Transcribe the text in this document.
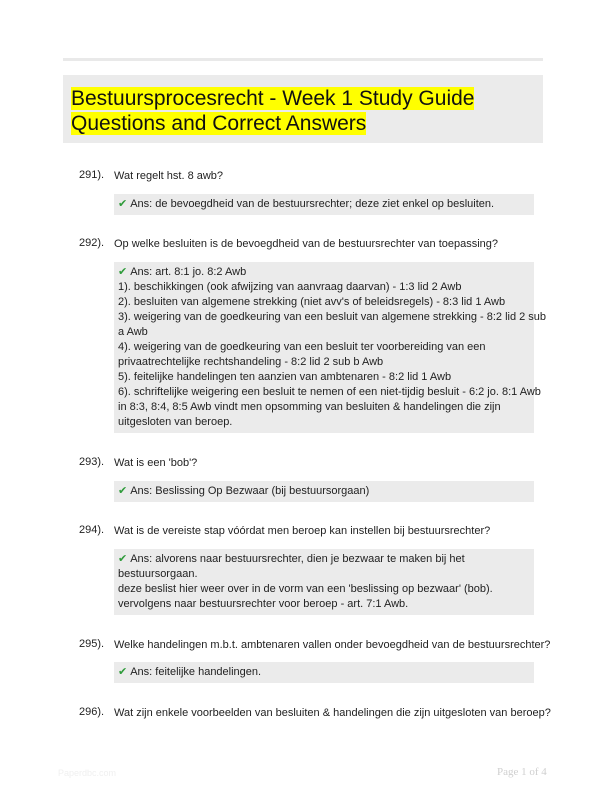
Bestuursprocesrecht - Week 1 Study Guide
Questions and Correct Answers
291). Wat regelt hst. 8 awb?
✔ Ans: de bevoegdheid van de bestuursrechter; deze ziet enkel op besluiten.
292). Op welke besluiten is de bevoegdheid van de bestuursrechter van toepassing?
✔ Ans: art. 8:1 jo. 8:2 Awb
1). beschikkingen (ook afwijzing van aanvraag daarvan) - 1:3 lid 2 Awb
2). besluiten van algemene strekking (niet avv's of beleidsregels) - 8:3 lid 1 Awb
3). weigering van de goedkeuring van een besluit van algemene strekking - 8:2 lid 2 sub
a Awb
4). weigering van de goedkeuring van een besluit ter voorbereiding van een
privaatrechtelijke rechtshandeling - 8:2 lid 2 sub b Awb
5). feitelijke handelingen ten aanzien van ambtenaren - 8:2 lid 1 Awb
6). schriftelijke weigering een besluit te nemen of een niet-tijdig besluit - 6:2 jo. 8:1 Awb
in 8:3, 8:4, 8:5 Awb vindt men opsomming van besluiten & handelingen die zijn
uitgesloten van beroep.
293). Wat is een 'bob'?
✔ Ans: Beslissing Op Bezwaar (bij bestuursorgaan)
294). Wat is de vereiste stap vóórdat men beroep kan instellen bij bestuursrechter?
✔ Ans: alvorens naar bestuursrechter, dien je bezwaar te maken bij het
bestuursorgaan.
deze beslist hier weer over in de vorm van een 'beslissing op bezwaar' (bob).
vervolgens naar bestuursrechter voor beroep - art. 7:1 Awb.
295). Welke handelingen m.b.t. ambtenaren vallen onder bevoegdheid van de bestuursrechter?
✔ Ans: feitelijke handelingen.
296). Wat zijn enkele voorbeelden van besluiten & handelingen die zijn uitgesloten van beroep?
Paperdbc.com	Page 1 of 4
